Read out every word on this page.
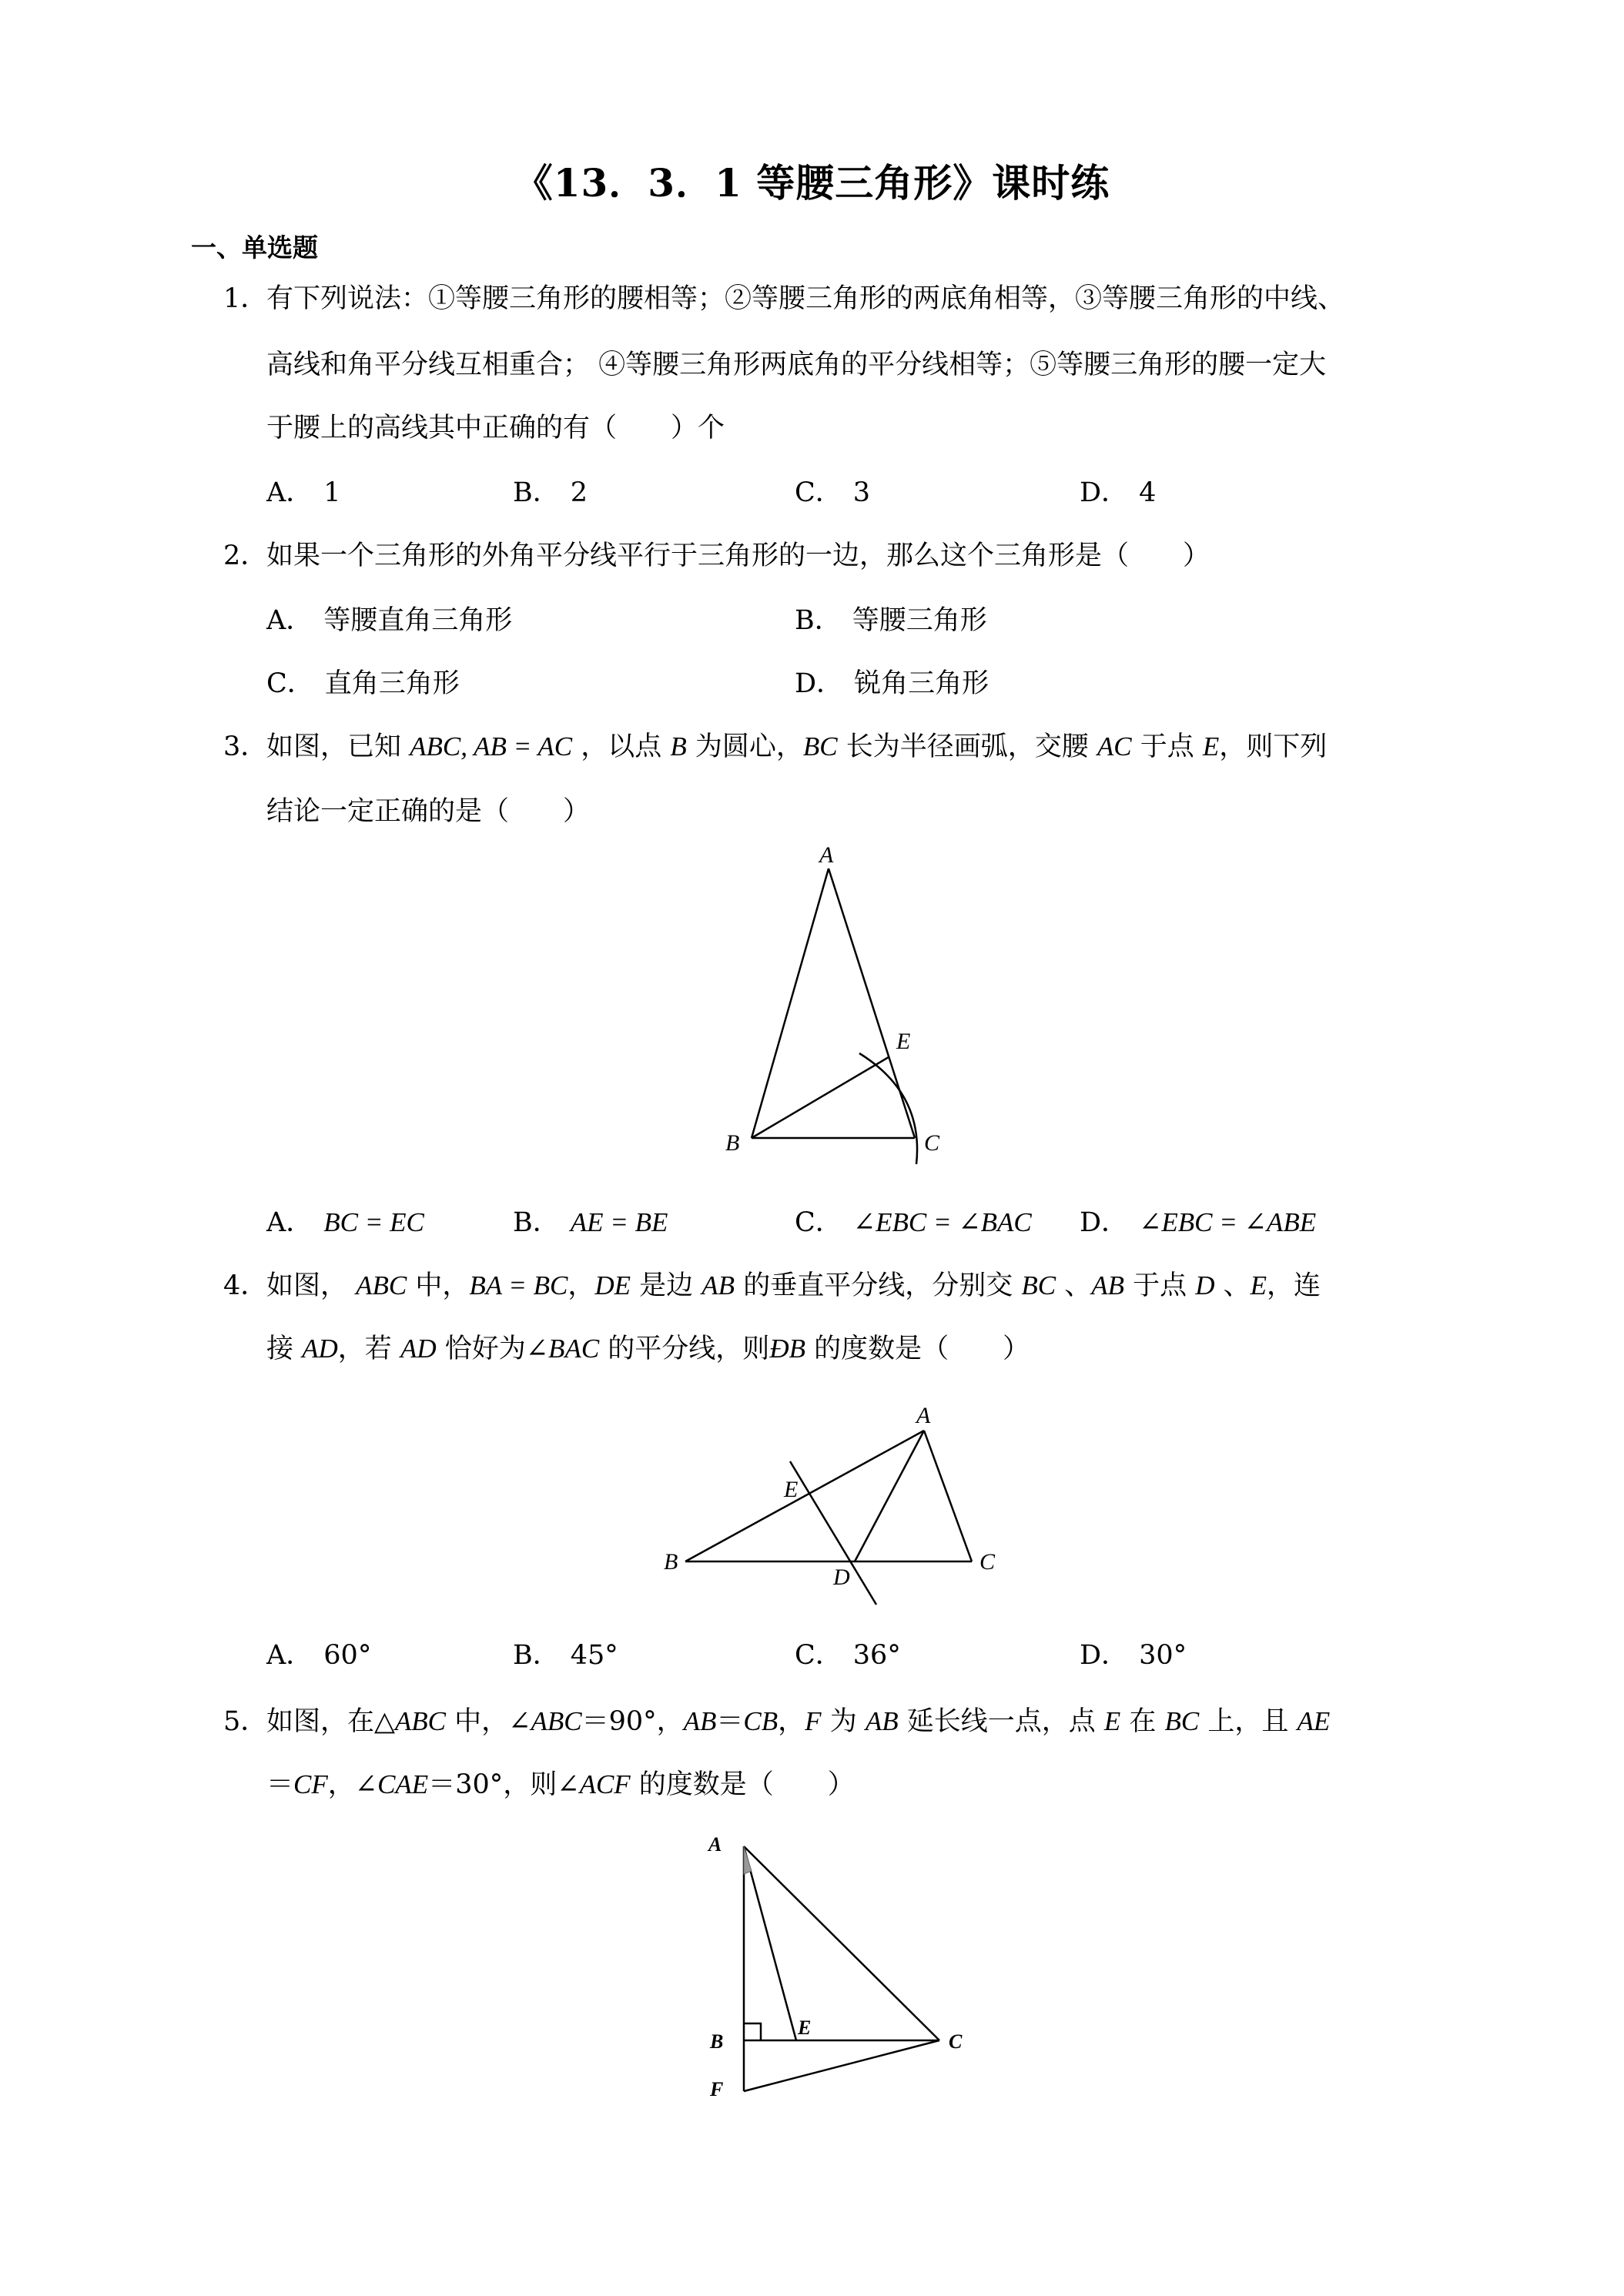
《13．3．1 等腰三角形》课时练
一、单选题
1．
有下列说法：①等腰三角形的腰相等；②等腰三角形的两底角相等，③等腰三角形的中线、
高线和角平分线互相重合； ④等腰三角形两底角的平分线相等；⑤等腰三角形的腰一定大
于腰上的高线其中正确的有（　　）个
A． 1	B． 2	C． 3	D． 4
2．
如果一个三角形的外角平分线平行于三角形的一边，那么这个三角形是（　　）
A． 等腰直角三角形	B． 等腰三角形
C． 直角三角形	D． 锐角三角形
3．
如图，已知 ABC, AB = AC ，以点 B 为圆心，BC 长为半径画弧，交腰 AC 于点 E，则下列
结论一定正确的是（　　）
A
B	C
E
A． BC = EC	B． AE = BE	C． ∠EBC = ∠BAC D． ∠EBC = ∠ABE
4．
如图， ABC 中，BA = BC，DE 是边 AB 的垂直平分线，分别交 BC 、AB 于点 D 、E，连
接 AD，若 AD 恰好为∠BAC 的平分线，则ÐB 的度数是（　　）
A
B	C
D
E
A． 60°	B． 45°	C． 36°	D． 30°
5．
如图，在△ABC 中，∠ABC＝90°，AB＝CB，F 为 AB 延长线一点，点 E 在 BC 上，且 AE
＝CF，∠CAE＝30°，则∠ACF 的度数是（　　）
A
B	C
E
F
